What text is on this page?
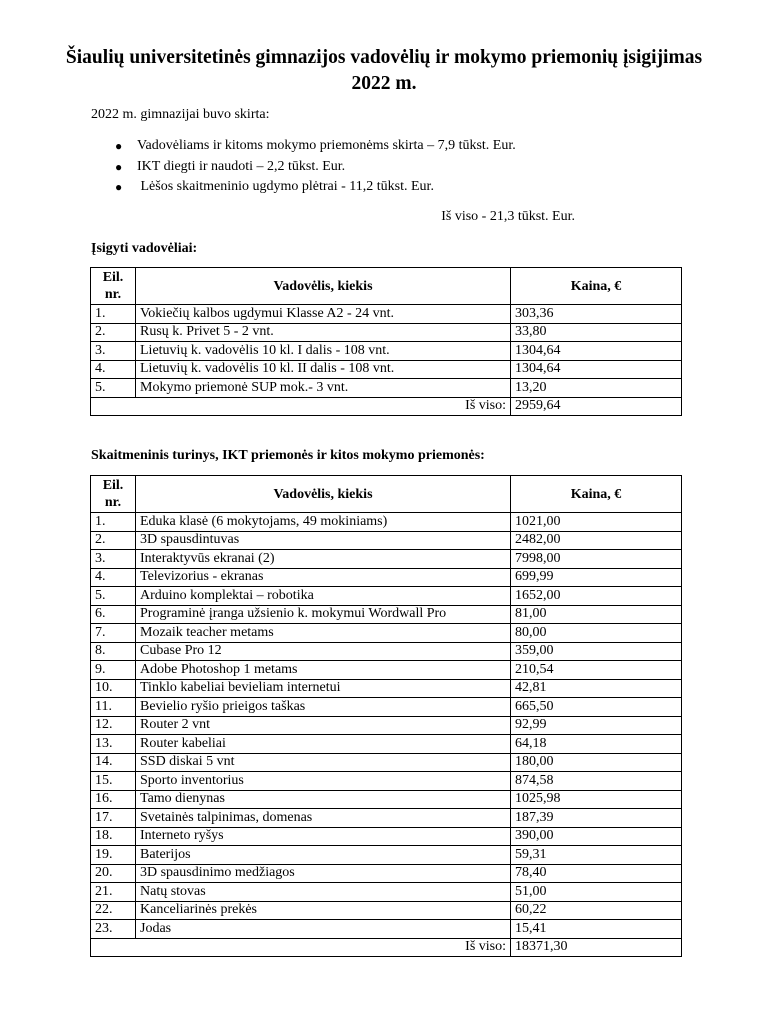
Šiaulių universitetinės gimnazijos vadovėlių ir mokymo priemonių įsigijimas 2022 m.
2022 m. gimnazijai buvo skirta:
● Vadovėliams ir kitoms mokymo priemonėms skirta – 7,9 tūkst. Eur.
● IKT diegti ir naudoti – 2,2 tūkst. Eur.
● Lėšos skaitmeninio ugdymo plėtrai - 11,2 tūkst. Eur.
Iš viso - 21,3 tūkst. Eur.
Įsigyti vadovėliai:
Eil. nr.	Vadovėlis, kiekis	Kaina, €
1.	Vokiečių kalbos ugdymui Klasse A2 - 24 vnt.	303,36
2.	Rusų k. Privet 5 - 2 vnt.	33,80
3.	Lietuvių k. vadovėlis 10 kl. I dalis - 108 vnt.	1304,64
4.	Lietuvių k. vadovėlis 10 kl. II dalis - 108 vnt.	1304,64
5.	Mokymo priemonė SUP mok.- 3 vnt.	13,20
Iš viso:		2959,64
Skaitmeninis turinys, IKT priemonės ir kitos mokymo priemonės:
Eil. nr.	Vadovėlis, kiekis	Kaina, €
1.	Eduka klasė (6 mokytojams, 49 mokiniams)	1021,00
2.	3D spausdintuvas	2482,00
3.	Interaktyvūs ekranai (2)	7998,00
4.	Televizorius - ekranas	699,99
5.	Arduino komplektai – robotika	1652,00
6.	Programinė įranga užsienio k. mokymui Wordwall Pro	81,00
7.	Mozaik teacher metams	80,00
8.	Cubase Pro 12	359,00
9.	Adobe Photoshop 1 metams	210,54
10.	Tinklo kabeliai bevieliam internetui	42,81
11.	Bevielio ryšio prieigos taškas	665,50
12.	Router 2 vnt	92,99
13.	Router kabeliai	64,18
14.	SSD diskai 5 vnt	180,00
15.	Sporto inventorius	874,58
16.	Tamo dienynas	1025,98
17.	Svetainės talpinimas, domenas	187,39
18.	Interneto ryšys	390,00
19.	Baterijos	59,31
20.	3D spausdinimo medžiagos	78,40
21.	Natų stovas	51,00
22.	Kanceliarinės prekės	60,22
23.	Jodas	15,41
Iš viso:		18371,30
